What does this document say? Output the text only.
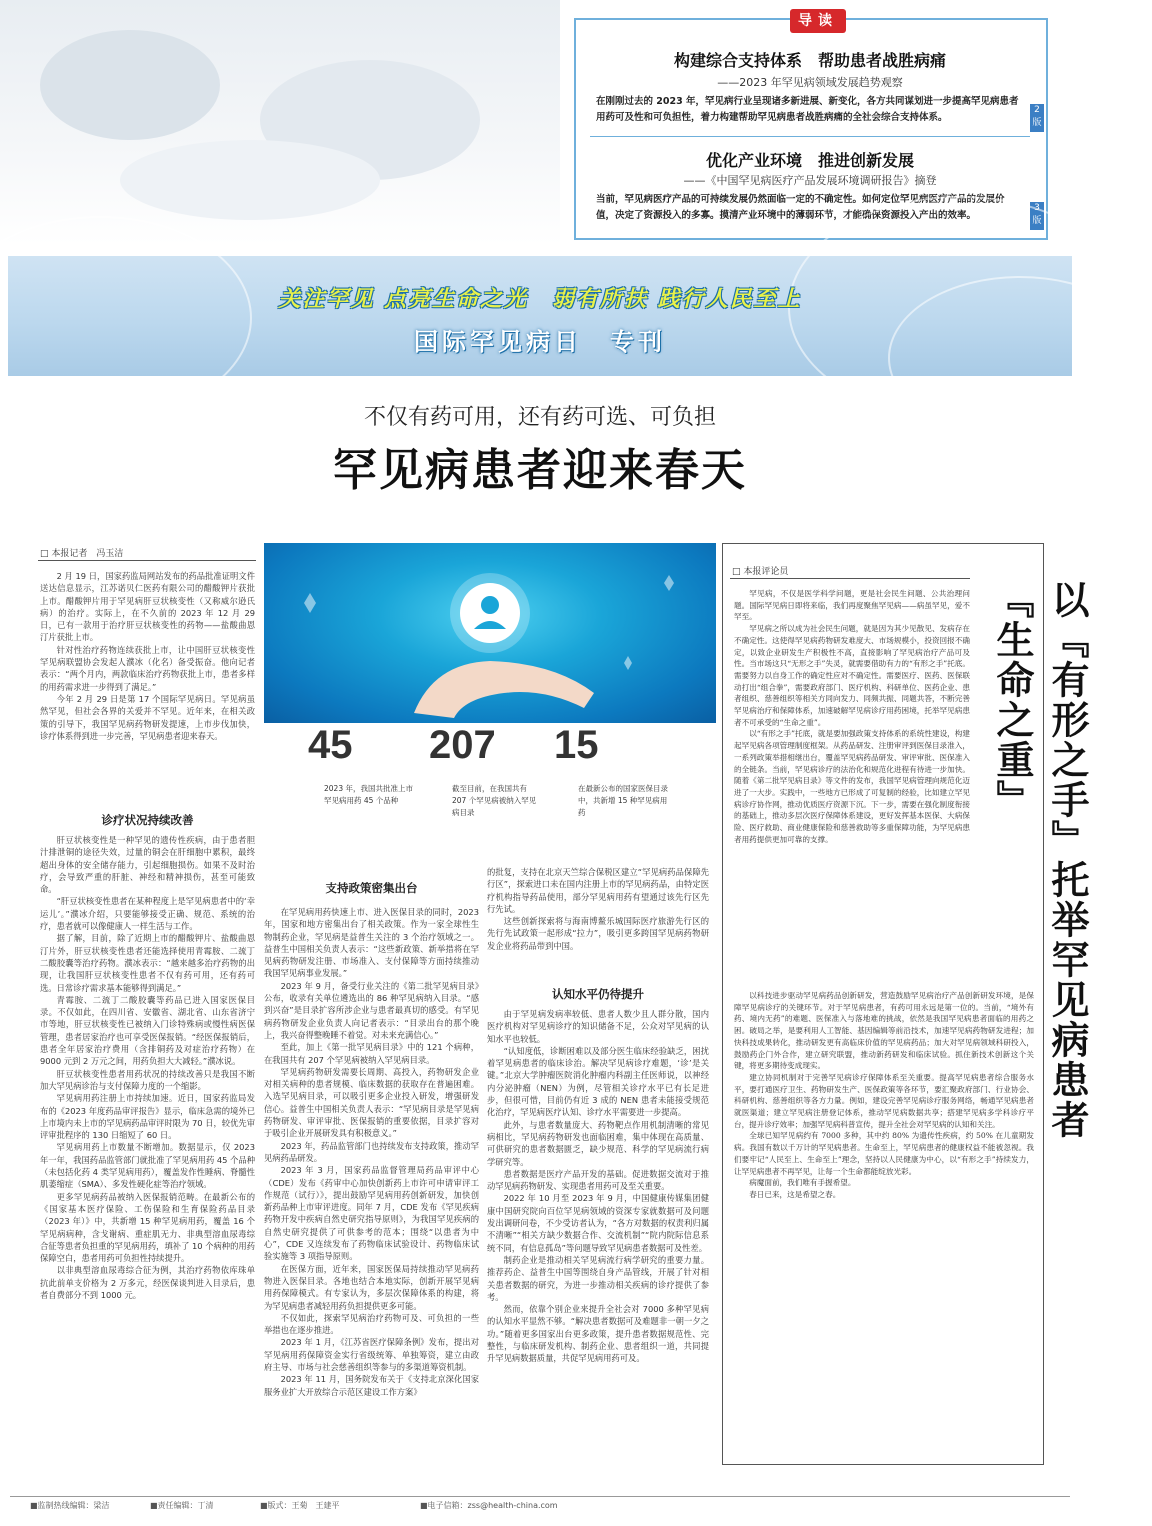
导读
构建综合支持体系　帮助患者战胜病痛
——2023 年罕见病领域发展趋势观察
在刚刚过去的 2023 年，罕见病行业呈现诸多新进展、新变化，各方共同谋划进一步提高罕见病患者用药可及性和可负担性，着力构建帮助罕见病患者战胜病痛的全社会综合支持体系。
2版
优化产业环境　推进创新发展
——《中国罕见病医疗产品发展环境调研报告》摘登
当前，罕见病医疗产品的可持续发展仍然面临一定的不确定性。如何定位罕见病医疗产品的发展价值，决定了资源投入的多寡。摸清产业环境中的薄弱环节，才能确保资源投入产出的效率。
3版
关注罕见 点亮生命之光　弱有所扶 践行人民至上
国际罕见病日　专刊
不仅有药可用，还有药可选、可负担
罕见病患者迎来春天
□ 本报记者　冯玉洁

2 月 19 日，国家药监局网站发布的药品批准证明文件送达信息显示，江苏诺贝仁医药有限公司的醋酸钾片获批上市。醋酸钾片用于罕见病肝豆状核变性（又称威尔逊氏病）的治疗。实际上，在不久前的 2023 年 12 月 29 日，已有一款用于治疗肝豆状核变性的药物——盐酸曲恩汀片获批上市。

针对性治疗药物连续获批上市，让中国肝豆状核变性罕见病联盟协会发起人濮冰（化名）备受振奋。他向记者表示：“两个月内，两款临床治疗药物获批上市，患者多样的用药需求进一步得到了满足。”

今年 2 月 29 日是第 17 个国际罕见病日。罕见病虽然罕见，但社会各界的关爱并不罕见。近年来，在相关政策的引导下，我国罕见病药物研发提速，上市步伐加快，诊疗体系得到进一步完善，罕见病患者迎来春天。

诊疗状况持续改善

肝豆状核变性是一种罕见的遗传性疾病，由于患者胆汁排泄铜的途径失效，过量的铜会在肝细胞中累积，最终超出身体的安全储存能力，引起细胞损伤。如果不及时治疗，会导致严重的肝脏、神经和精神损伤，甚至可能致命。

“肝豆状核变性患者在某种程度上是罕见病患者中的‘幸运儿’。”濮冰介绍，只要能够接受正确、规范、系统的治疗，患者就可以像健康人一样生活与工作。

据了解，目前，除了近期上市的醋酸钾片、盐酸曲恩汀片外，肝豆状核变性患者还能选择使用青霉胺、二巯丁二酸胶囊等治疗药物。濮冰表示：“越来越多治疗药物的出现，让我国肝豆状核变性患者不仅有药可用，还有药可选。日常诊疗需求基本能够得到满足。”

青霉胺、二巯丁二酸胶囊等药品已进入国家医保目录。不仅如此，在四川省、安徽省、湖北省、山东省济宁市等地，肝豆状核变性已被纳入门诊特殊病或慢性病医保管理，患者居家治疗也可享受医保报销。“经医保报销后，患者全年居家治疗费用（含排铜药及对症治疗药物）在 9000 元到 2 万元之间，用药负担大大减轻。”濮冰说。

肝豆状核变性患者用药状况的持续改善只是我国不断加大罕见病诊治与支付保障力度的一个缩影。

罕见病用药注册上市持续加速。近日，国家药监局发布的《2023 年度药品审评报告》显示，临床急需的境外已上市境内未上市的罕见病药品审评时限为 70 日，较优先审评审批程序的 130 日缩短了 60 日。

罕见病用药上市数量不断增加。数据显示，仅 2023 年一年，我国药品监管部门就批准了罕见病用药 45 个品种（未包括化药 4 类罕见病用药），覆盖发作性睡病、脊髓性肌萎缩症（SMA）、多发性硬化症等治疗领域。

更多罕见病药品被纳入医保报销范畴。在最新公布的《国家基本医疗保险、工伤保险和生育保险药品目录（2023 年）》中，共新增 15 种罕见病用药，覆盖 16 个罕见病病种，含戈谢病、重症肌无力、非典型溶血尿毒综合征等患者负担重的罕见病用药，填补了 10 个病种的用药保障空白，患者用药可负担性持续提升。

以非典型溶血尿毒综合征为例，其治疗药物依库珠单抗此前单支价格为 2 万多元，经医保谈判进入目录后，患者自费部分不到 1000 元。

45 207 15
2023 年，我国共批准上市罕见病用药 45 个品种
截至目前，在我国共有 207 个罕见病被纳入罕见病目录
在最新公布的国家医保目录中，共新增 15 种罕见病用药
支持政策密集出台

在罕见病用药快速上市、进入医保目录的同时，2023 年，国家和地方密集出台了相关政策。作为一家全球性生物制药企业，罕见病是益普生关注的 3 个治疗领域之一。益普生中国相关负责人表示：“这些新政策、新举措将在罕见病药物研发注册、市场准入、支付保障等方面持续推动我国罕见病事业发展。”

2023 年 9 月，备受行业关注的《第二批罕见病目录》公布，收录有关单位遴选出的 86 种罕见病纳入目录。“感到兴奋”是目录扩容所涉企业与患者最真切的感受。有罕见病药物研发企业负责人向记者表示：“目录出台的那个晚上，我兴奋得整晚睡不着觉。对未来充满信心。”

至此，加上《第一批罕见病目录》中的 121 个病种，在我国共有 207 个罕见病被纳入罕见病目录。

罕见病药物研发需要长周期、高投入，药物研发企业对相关病种的患者规模、临床数据的获取存在普遍困难。入选罕见病目录，可以吸引更多企业投入研发，增强研发信心。益普生中国相关负责人表示：“罕见病目录是罕见病药物研发、审评审批、医保报销的重要依据，目录扩容对于吸引企业开展研发具有积极意义。”

2023 年，药品监管部门也持续发布支持政策，推动罕见病药品研发。

2023 年 3 月，国家药品监督管理局药品审评中心（CDE）发布《药审中心加快创新药上市许可申请审评工作规范（试行）》，提出鼓励罕见病用药创新研发，加快创新药品种上市审评进度。同年 7 月，CDE 发布《罕见疾病药物开发中疾病自然史研究指导原则》，为我国罕见疾病的自然史研究提供了可供参考的范本；围绕“以患者为中心”，CDE 又连续发布了药物临床试验设计、药物临床试验实施等 3 项指导原则。

在医保方面，近年来，国家医保局持续推动罕见病药物进入医保目录。各地也结合本地实际，创新开展罕见病用药保障模式。有专家认为，多层次保障体系的构建，将为罕见病患者减轻用药负担提供更多可能。

不仅如此，探索罕见病治疗药物可及、可负担的一些举措也在逐步推进。

2023 年 1 月，《江苏省医疗保障条例》发布，提出对罕见病用药保障资金实行省级统筹、单独筹资，建立由政府主导、市场与社会慈善组织等参与的多渠道筹资机制。

2023 年 11 月，国务院发布关于《支持北京深化国家服务业扩大开放综合示范区建设工作方案》

的批复，支持在北京天竺综合保税区建立“罕见病药品保障先行区”，探索进口未在国内注册上市的罕见病药品，由特定医疗机构指导药品使用，部分罕见病用药有望通过该先行区先行先试。

这些创新探索将与海南博鳌乐城国际医疗旅游先行区的先行先试政策一起形成“拉力”，吸引更多跨国罕见病药物研发企业将药品带到中国。

认知水平仍待提升

由于罕见病发病率较低、患者人数少且人群分散，国内医疗机构对罕见病诊疗的知识储备不足，公众对罕见病的认知水平也较低。

“认知度低，诊断困难以及部分医生临床经验缺乏，困扰着罕见病患者的临床诊治。解决罕见病诊疗难题，‘诊’是关键。”北京大学肿瘤医院消化肿瘤内科副主任医师说，以神经内分泌肿瘤（NEN）为例，尽管相关诊疗水平已有长足进步，但很可惜，目前仍有近 3 成的 NEN 患者未能接受规范化治疗，罕见病医疗认知、诊疗水平需要进一步提高。

此外，与患者数量庞大、药物靶点作用机制清晰的常见病相比，罕见病药物研发也面临困难，集中体现在高质量、可供研究的患者数据匮乏，缺少规范、科学的罕见病流行病学研究等。

患者数据是医疗产品开发的基础。促进数据交流对于推动罕见病药物研发、实现患者用药可及至关重要。

2022 年 10 月至 2023 年 9 月，中国健康传媒集团健康中国研究院向百位罕见病领域的资深专家就数据可及问题发出调研问卷，不少受访者认为，“各方对数据的权责利归属不清晰”“相关方缺少数据合作、交流机制”“院内院际信息系统不同，有信息孤岛”等问题导致罕见病患者数据可及性差。

制药企业是推动相关罕见病流行病学研究的重要力量。推荐药企、益普生中国等围绕自身产品管线，开展了针对相关患者数据的研究，为进一步推动相关疾病的诊疗提供了参考。

然而，依靠个别企业来提升全社会对 7000 多种罕见病的认知水平显然不够。“解决患者数据可及难题非一朝一夕之功。”随着更多国家出台更多政策，提升患者数据规范性、完整性，与临床研发机构、制药企业、患者组织一道，共同提升罕见病数据质量，共促罕见病用药可及。

□ 本报评论员
以『有形之手』托举罕见病患者『生命之重』

罕见病，不仅是医学科学问题，更是社会民生问题、公共治理问题。国际罕见病日即将来临，我们再度聚焦罕见病——病虽罕见，爱不罕至。

罕见病之所以成为社会民生问题，就是因为其少见散见、发病存在不确定性。这使得罕见病药物研发难度大、市场规模小，投资回报不确定，以致企业研发生产积极性不高，直接影响了罕见病治疗产品可及性。当市场这只“无形之手”失灵，就需要借助有力的“有形之手”托底。需要努力以自身工作的确定性应对不确定性。需要医疗、医药、医保联动打出“组合拳”，需要政府部门、医疗机构、科研单位、医药企业、患者组织、慈善组织等相关方同向发力、同频共振、同题共答，不断完善罕见病治疗和保障体系，加速破解罕见病诊疗用药困境，托举罕见病患者不可承受的“生命之重”。

以“有形之手”托底，就是要加强政策支持体系的系统性建设，构建起罕见病各项管理制度框架。从药品研发、注册审评到医保目录准入，一系列政策举措相继出台，覆盖罕见病药品研发、审评审批、医保准入的全链条。当前，罕见病诊疗的法治化和规范化进程有待进一步加快。随着《第二批罕见病目录》等文件的发布，我国罕见病管理向规范化迈进了一大步。实践中，一些地方已形成了可复制的经验，比如建立罕见病诊疗协作网，推动优质医疗资源下沉。下一步，需要在强化制度衔接的基础上，推动多层次医疗保障体系建设，更好发挥基本医保、大病保险、医疗救助、商业健康保险和慈善救助等多重保障功能，为罕见病患者用药提供更加可靠的支撑。

以科技进步驱动罕见病药品创新研发，营造鼓励罕见病治疗产品创新研发环境，是保障罕见病诊疗的关键环节。对于罕见病患者，有药可用永远是第一位的。当前，“境外有药、境内无药”的难题、医保准入与落地难的挑战，依然是我国罕见病患者面临的用药之困。破局之举，是要利用人工智能、基因编辑等前沿技术，加速罕见病药物研发进程；加快科技成果转化，推动研发更有高临床价值的罕见病药品；加大对罕见病领域科研投入，鼓励药企门外合作，建立研究联盟，推动新药研发和临床试验。抓住新技术创新这个关键，将更多期待变成现实。

建立协同机制对于完善罕见病诊疗保障体系至关重要。提高罕见病患者综合服务水平，要打通医疗卫生、药物研发生产、医保政策等各环节，要汇聚政府部门、行业协会、科研机构、慈善组织等各方力量。例如，建设完善罕见病诊疗服务网络，畅通罕见病患者就医渠道；建立罕见病注册登记体系，推动罕见病数据共享；搭建罕见病多学科诊疗平台，提升诊疗效率；加强罕见病科普宣传，提升全社会对罕见病的认知和关注。

全球已知罕见病约有 7000 多种，其中约 80% 为遗传性疾病，约 50% 在儿童期发病。我国有数以千万计的罕见病患者。生命至上，罕见病患者的健康权益不能被忽视。我们要牢记“人民至上、生命至上”理念，坚持以人民健康为中心，以“有形之手”持续发力，让罕见病患者不再罕见，让每一个生命都能绽放光彩。

病魔面前，我们唯有手握希望。

春日已来，这是希望之春。

■监制热线编辑：梁洁	■责任编辑：丁清	■版式：王菊　王建平	■电子信箱：zss@health-china.com
